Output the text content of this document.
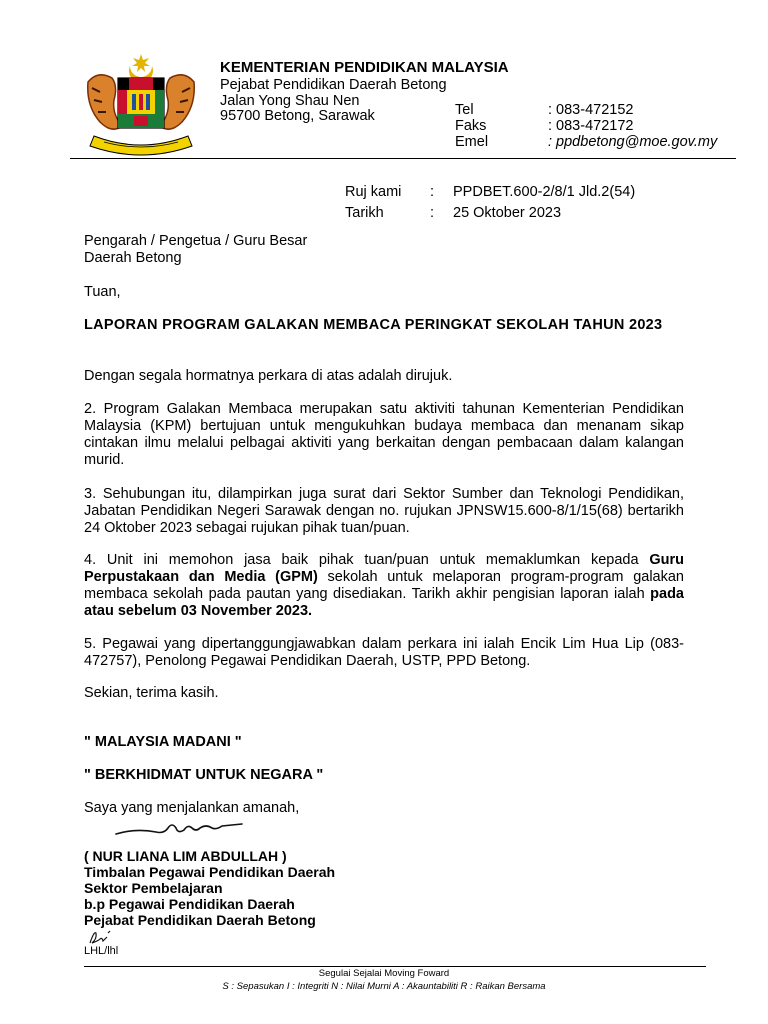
KEMENTERIAN PENDIDIKAN MALAYSIA
Pejabat Pendidikan Daerah Betong
Jalan Yong Shau Nen
95700 Betong, Sarawak	Tel	: 083-472152
Faks	: 083-472172
Emel	: ppdbetong@moe.gov.my
Ruj kami : PPDBET.600-2/8/1 Jld.2(54)
Tarikh	: 25 Oktober 2023
Pengarah / Pengetua / Guru Besar
Daerah Betong
Tuan,
LAPORAN PROGRAM GALAKAN MEMBACA PERINGKAT SEKOLAH TAHUN 2023
Dengan segala hormatnya perkara di atas adalah dirujuk.
2. Program Galakan Membaca merupakan satu aktiviti tahunan Kementerian Pendidikan Malaysia (KPM) bertujuan untuk mengukuhkan budaya membaca dan menanam sikap cintakan ilmu melalui pelbagai aktiviti yang berkaitan dengan pembacaan dalam kalangan murid.
3. Sehubungan itu, dilampirkan juga surat dari Sektor Sumber dan Teknologi Pendidikan, Jabatan Pendidikan Negeri Sarawak dengan no. rujukan JPNSW15.600-8/1/15(68) bertarikh 24 Oktober 2023 sebagai rujukan pihak tuan/puan.
4. Unit ini memohon jasa baik pihak tuan/puan untuk memaklumkan kepada Guru Perpustakaan dan Media (GPM) sekolah untuk melaporan program-program galakan membaca sekolah pada pautan yang disediakan. Tarikh akhir pengisian laporan ialah pada atau sebelum 03 November 2023.
5. Pegawai yang dipertanggungjawabkan dalam perkara ini ialah Encik Lim Hua Lip (083-472757), Penolong Pegawai Pendidikan Daerah, USTP, PPD Betong.
Sekian, terima kasih.
" MALAYSIA MADANI "
" BERKHIDMAT UNTUK NEGARA "
Saya yang menjalankan amanah,
( NUR LIANA LIM ABDULLAH )
Timbalan Pegawai Pendidikan Daerah
Sektor Pembelajaran
b.p Pegawai Pendidikan Daerah
Pejabat Pendidikan Daerah Betong
LHL/lhl
Segulai Sejalai Moving Foward
S : Sepasukan I : Integriti N : Nilai Murni A : Akauntabiliti R : Raikan Bersama
